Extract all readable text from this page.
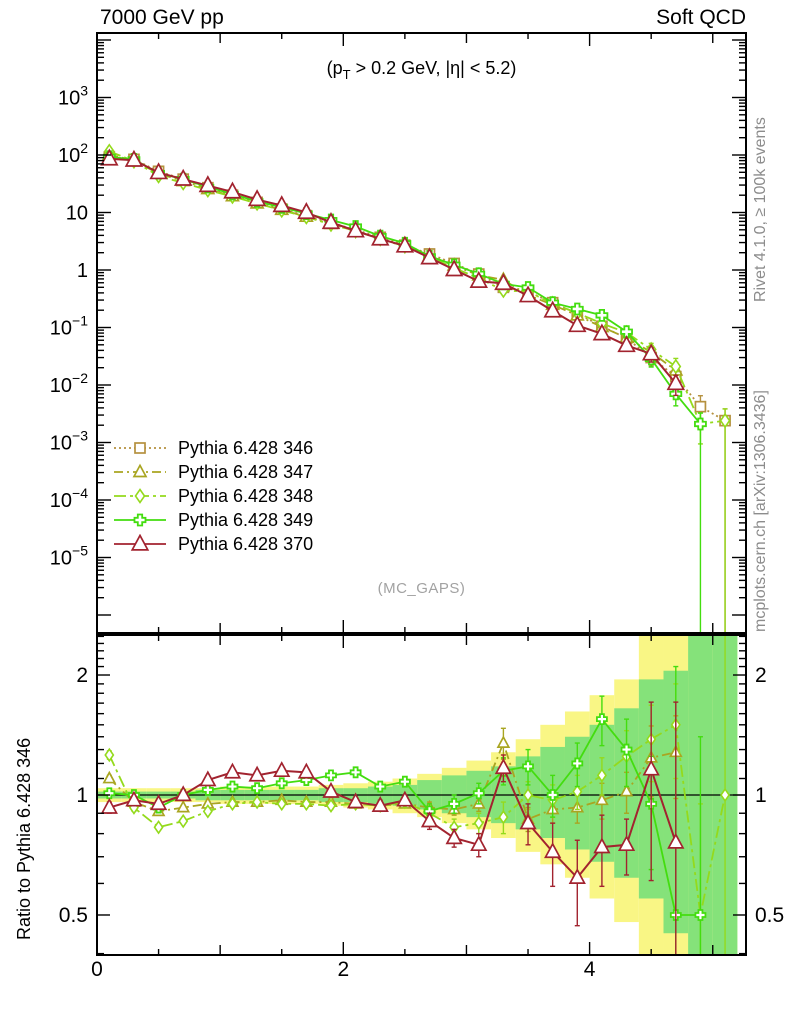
7000 GeV pp	Soft QCD
($p_T > 0.2$ GeV, |η| < 5.2)
0	2	4
$10^{-5}$
$10^{-4}$
$10^{-3}$
$10^{-2}$
$10^{-1}$
1
10
$10^2$
$10^3$
2	2
1	1
0.5	0.5
Pythia 6.428 346
Pythia 6.428 347
Pythia 6.428 348
Pythia 6.428 349
Pythia 6.428 370
(MC_GAPS)
Rivet 4.1.0, ≥ 100k events
mcplots.cern.ch [arXiv:1306.3436]
Ratio to Pythia 6.428 346
